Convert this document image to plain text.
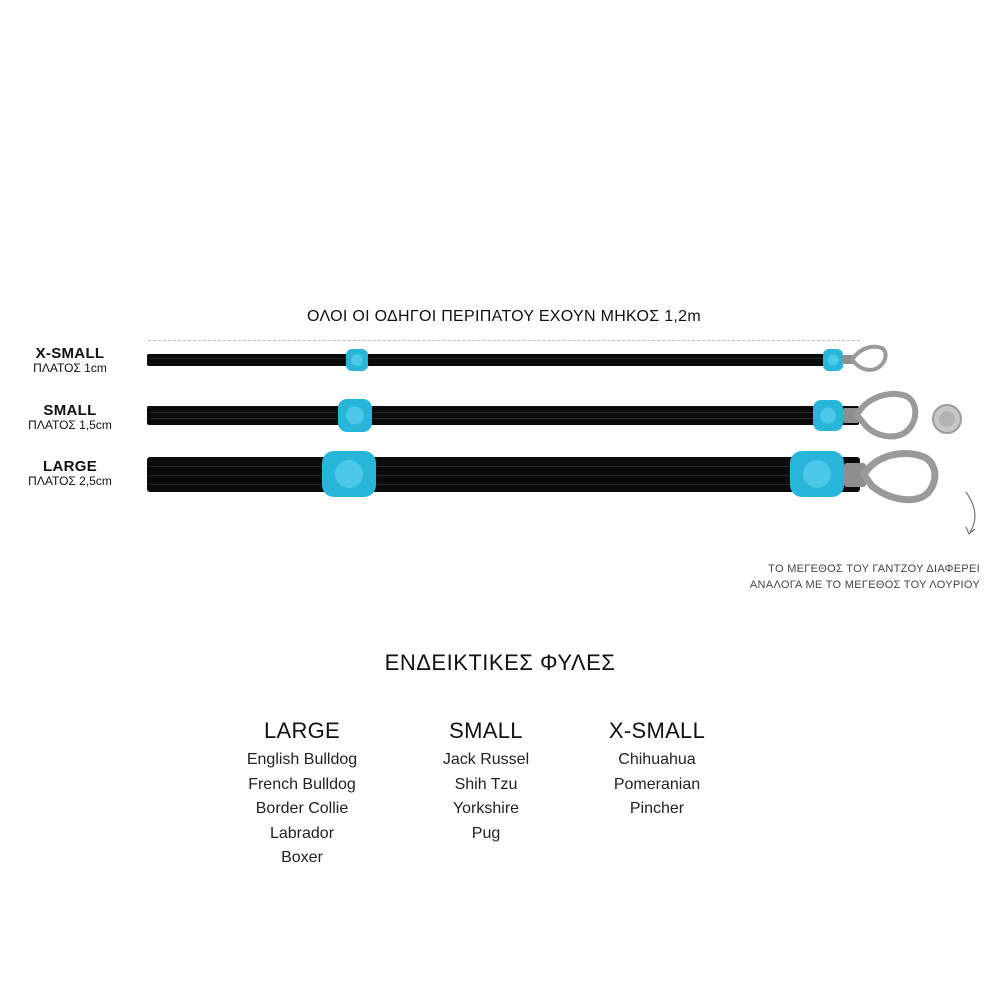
ΟΛΟΙ ΟΙ ΟΔΗΓΟΙ ΠΕΡΙΠΑΤΟΥ ΕΧΟΥΝ ΜΗΚΟΣ 1,2m
X-SMALL
ΠΛΑΤΟΣ 1cm
SMALL
ΠΛΑΤΟΣ 1,5cm
LARGE
ΠΛΑΤΟΣ 2,5cm
ΤΟ ΜΕΓΕΘΟΣ ΤΟΥ ΓΑΝΤΖΟΥ ΔΙΑΦΕΡΕΙ
ΑΝΑΛΟΓΑ ΜΕ ΤΟ ΜΕΓΕΘΟΣ ΤΟΥ ΛΟΥΡΙΟΥ
ΕΝΔΕΙΚΤΙΚΕΣ ΦΥΛΕΣ
LARGE
English Bulldog
French Bulldog
Border Collie
Labrador
Boxer
SMALL
Jack Russel
Shih Tzu
Yorkshire
Pug
X-SMALL
Chihuahua
Pomeranian
Pincher
